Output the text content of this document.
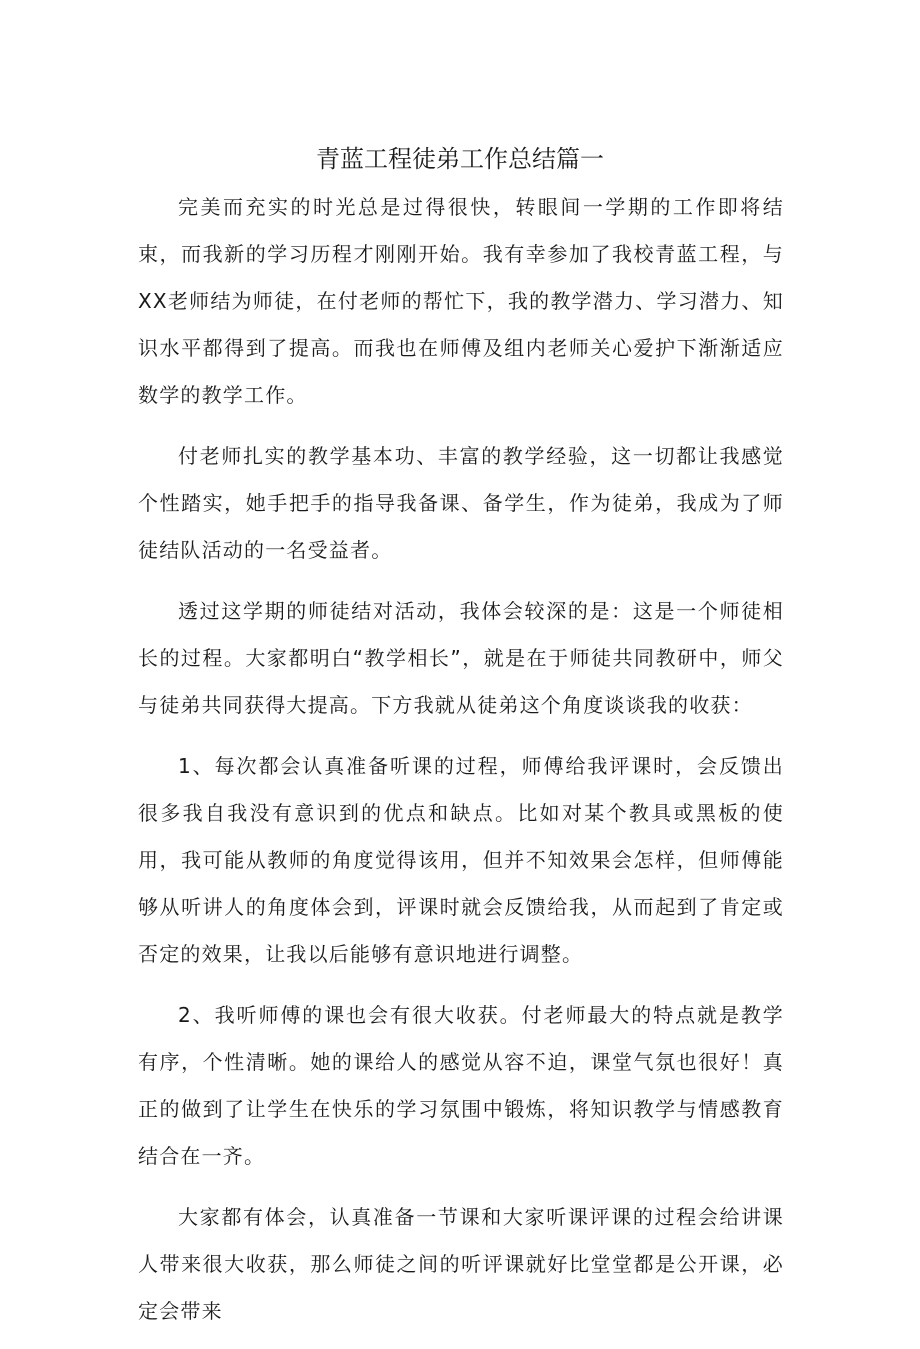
青蓝工程徒弟工作总结篇一

完美而充实的时光总是过得很快，转眼间一学期的工作即将结束，而我新的学习历程才刚刚开始。我有幸参加了我校青蓝工程，与XX老师结为师徒，在付老师的帮忙下，我的教学潜力、学习潜力、知识水平都得到了提高。而我也在师傅及组内老师关心爱护下渐渐适应数学的教学工作。

付老师扎实的教学基本功、丰富的教学经验，这一切都让我感觉个性踏实，她手把手的指导我备课、备学生，作为徒弟，我成为了师徒结队活动的一名受益者。

透过这学期的师徒结对活动，我体会较深的是：这是一个师徒相长的过程。大家都明白“教学相长”，就是在于师徒共同教研中，师父与徒弟共同获得大提高。下方我就从徒弟这个角度谈谈我的收获：

1、每次都会认真准备听课的过程，师傅给我评课时，会反馈出很多我自我没有意识到的优点和缺点。比如对某个教具或黑板的使用，我可能从教师的角度觉得该用，但并不知效果会怎样，但师傅能够从听讲人的角度体会到，评课时就会反馈给我，从而起到了肯定或否定的效果，让我以后能够有意识地进行调整。

2、我听师傅的课也会有很大收获。付老师最大的特点就是教学有序，个性清晰。她的课给人的感觉从容不迫，课堂气氛也很好！真正的做到了让学生在快乐的学习氛围中锻炼，将知识教学与情感教育结合在一齐。

大家都有体会，认真准备一节课和大家听课评课的过程会给讲课人带来很大收获，那么师徒之间的听评课就好比堂堂都是公开课，必定会带来
